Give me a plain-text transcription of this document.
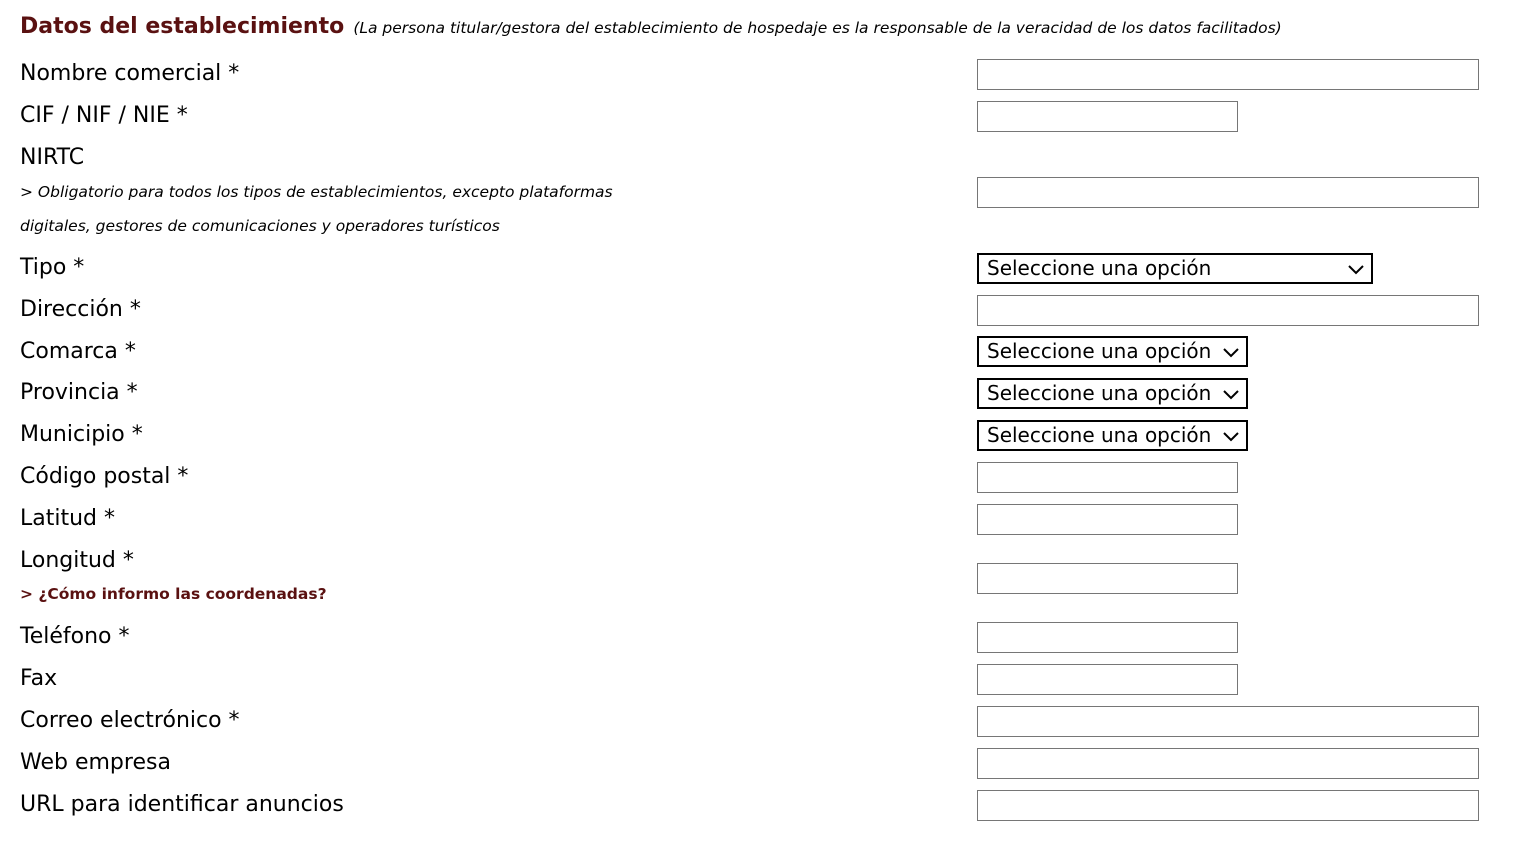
Datos del establecimiento (La persona titular/gestora del establecimiento de hospedaje es la responsable de la veracidad de los datos facilitados)
Nombre comercial *
CIF / NIF / NIE *
NIRTC
> Obligatorio para todos los tipos de establecimientos, excepto plataformas
digitales, gestores de comunicaciones y operadores turísticos
Tipo *	Seleccione una opción
Dirección *
Comarca *	Seleccione una opción
Provincia *	Seleccione una opción
Municipio *	Seleccione una opción
Código postal *
Latitud *
Longitud *
> ¿Cómo informo las coordenadas?
Teléfono *
Fax
Correo electrónico *
Web empresa
URL para identificar anuncios
